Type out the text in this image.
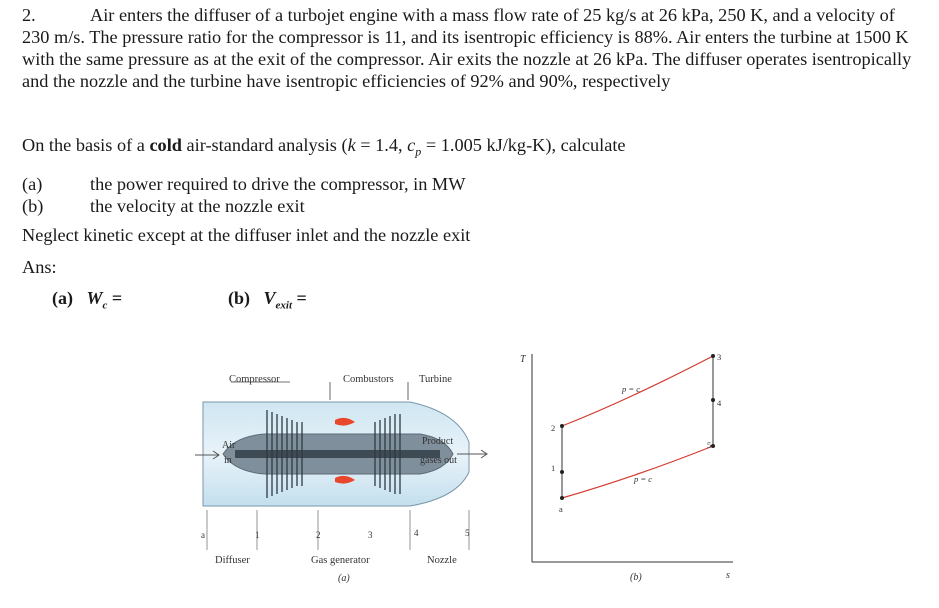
2.	Air enters the diffuser of a turbojet engine with a mass flow rate of 25 kg/s at 26 kPa, 250 K, and a velocity of 230 m/s. The pressure ratio for the compressor is 11, and its isentropic efficiency is 88%. Air enters the turbine at 1500 K with the same pressure as at the exit of the compressor. Air exits the nozzle at 26 kPa. The diffuser operates isentropically and the nozzle and the turbine have isentropic efficiencies of 92% and 90%, respectively
On the basis of a cold air-standard analysis (k = 1.4, $c_p = 1.005$ kJ/kg-K), calculate
(a)	the power required to drive the compressor, in MW
(b)	the velocity at the nozzle exit
Neglect kinetic except at the diffuser inlet and the nozzle exit
Ans:
(a) $W_c$ =	(b) $V_{exit}$ =
Compressor	Combustors Turbine
Air
in
Product
gases out
a	1	2	3	4	5
Diffuser	Gas generator	Nozzle
(a)
T
s
p = c
p = c
a
1
2
3
4
5
(b)
